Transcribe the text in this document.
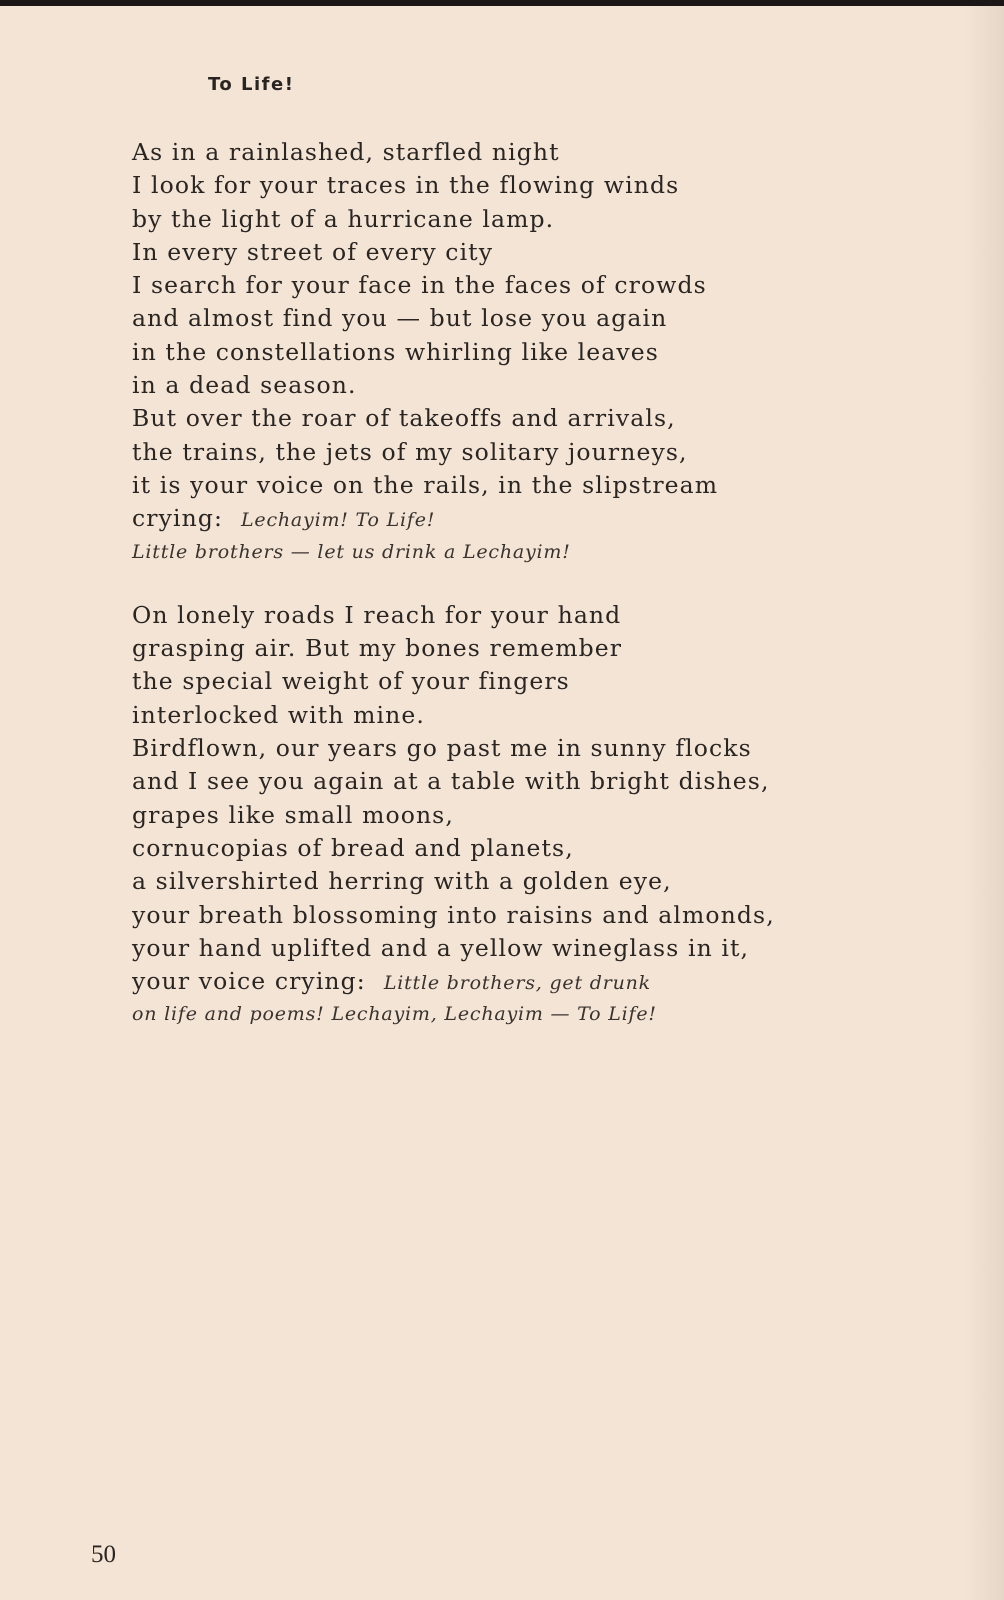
To Life!
As in a rainlashed, starfled night
I look for your traces in the flowing winds
by the light of a hurricane lamp.
In every street of every city
I search for your face in the faces of crowds
and almost find you — but lose you again
in the constellations whirling like leaves
in a dead season.
But over the roar of takeoffs and arrivals,
the trains, the jets of my solitary journeys,
it is your voice on the rails, in the slipstream
crying: Lechayim! To Life!
Little brothers — let us drink a Lechayim!
On lonely roads I reach for your hand
grasping air. But my bones remember
the special weight of your fingers
interlocked with mine.
Birdflown, our years go past me in sunny flocks
and I see you again at a table with bright dishes,
grapes like small moons,
cornucopias of bread and planets,
a silvershirted herring with a golden eye,
your breath blossoming into raisins and almonds,
your hand uplifted and a yellow wineglass in it,
your voice crying: Little brothers, get drunk
on life and poems! Lechayim, Lechayim — To Life!
50
